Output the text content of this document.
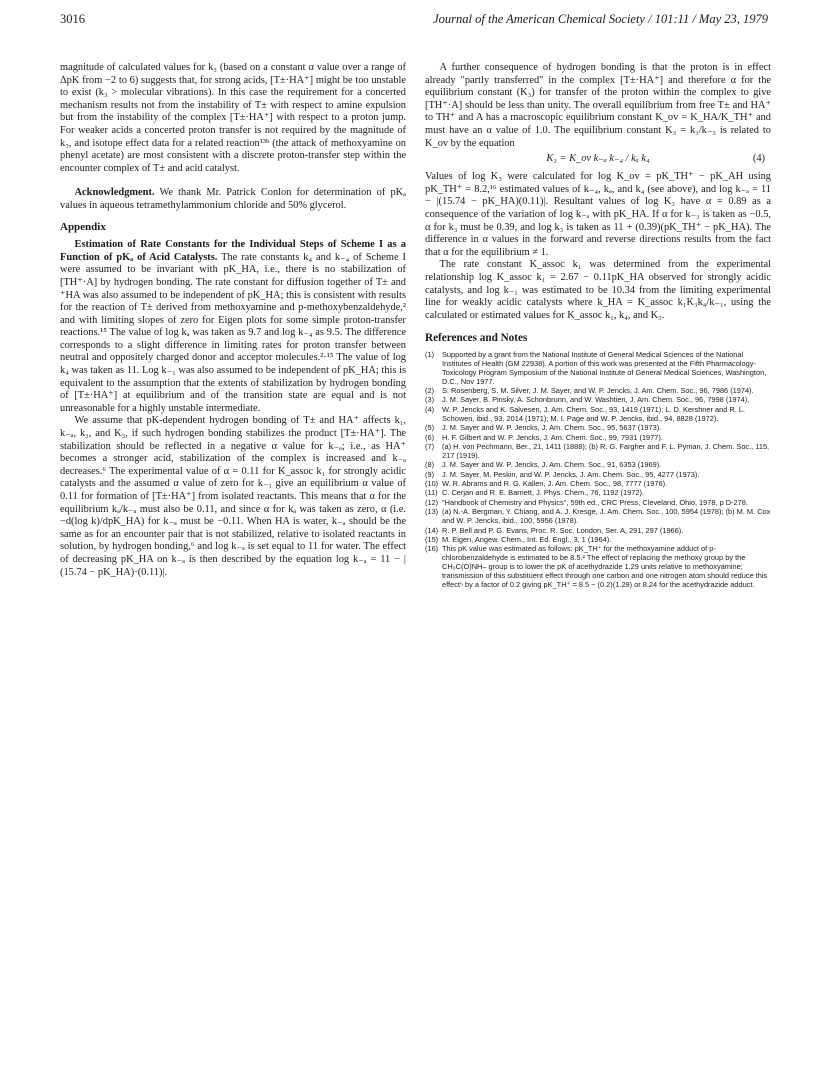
3016	Journal of the American Chemical Society / 101:11 / May 23, 1979

magnitude of calculated values for k₃ (based on a constant α value over a range of ΔpK from −2 to 6) suggests that, for strong acids, [T±·HA⁺] might be too unstable to exist (k₃ > molecular vibrations). In this case the requirement for a concerted mechanism results not from the instability of T± with respect to amine expulsion but from the instability of the complex [T±·HA⁺] with respect to a proton jump. For weaker acids a concerted proton transfer is not required by the magnitude of k₃, and isotope effect data for a related reaction¹³ᵇ (the attack of methoxyamine on phenyl acetate) are most consistent with a discrete proton-transfer step within the encounter complex of T± and acid catalyst.

Acknowledgment. We thank Mr. Patrick Conlon for determination of pKₐ values in aqueous tetramethylammonium chloride and 50% glycerol.

Appendix

Estimation of Rate Constants for the Individual Steps of Scheme I as a Function of pKₐ of Acid Catalysts. The rate constants k₄ and k₋₄ of Scheme I were assumed to be invariant with pK_HA, i.e., there is no stabilization of [TH⁺·A] by hydrogen bonding. The rate constant for diffusion together of T± and ⁺HA was also assumed to be independent of pK_HA; this is consistent with results for the reaction of T± derived from methoxyamine and p-methoxybenzaldehyde,² and with limiting slopes of zero for Eigen plots for some simple proton-transfer reactions.¹⁵ The value of log kₐ was taken as 9.7 and log k₋₄ as 9.5. The difference corresponds to a slight difference in limiting rates for proton transfer between neutral and oppositely charged donor and acceptor molecules.²·¹⁵ The value of log k₄ was taken as 11. Log k₋₁ was also assumed to be independent of pK_HA; this is equivalent to the assumption that the extents of stabilization by hydrogen bonding of [T±·HA⁺] at equilibrium and of the transition state are equal and is not unreasonable for a highly unstable intermediate.

We assume that pK-dependent hydrogen bonding of T± and HA⁺ affects k₁, k₋ₐ, k₃, and K₃, if such hydrogen bonding stabilizes the product [T±·HA⁺]. The stabilization should be reflected in a negative α value for k₋ₐ; i.e., as HA⁺ becomes a stronger acid, stabilization of the complex is increased and k₋ₐ decreases.⁶ The experimental value of α = 0.11 for K_assoc k₁ for strongly acidic catalysts and the assumed α value of zero for k₋₁ give an equilibrium α value of 0.11 for formation of [T±·HA⁺] from isolated reactants. This means that α for the equilibrium kₐ/k₋ₐ must also be 0.11, and since α for kₐ was taken as zero, α (i.e. −d(log k)/dpK_HA) for k₋ₐ must be −0.11. When HA is water, k₋ₐ should be the same as for an encounter pair that is not stabilized, relative to isolated reactants in solution, by hydrogen bonding,⁶ and log k₋ₐ is set equal to 11 for water. The effect of decreasing pK_HA on k₋ₐ is then described by the equation log k₋ₐ = 11 − |(15.74 − pK_HA)·(0.11)|.

A further consequence of hydrogen bonding is that the proton is in effect already "partly transferred" in the complex [T±·HA⁺] and therefore α for the equilibrium constant (K₃) for transfer of the proton within the complex to give [TH⁺·A] should be less than unity. The overall equilibrium from free T± and HA⁺ to TH⁺ and A has a macroscopic equilibrium constant K_ov = K_HA/K_TH⁺ and must have an α value of 1.0. The equilibrium constant K₃ = k₃/k₋₃ is related to K_ov by the equation

K₃ = K_ov k₋ₐ k₋₄ / kₐ k₄	(4)

Values of log K₃ were calculated for log K_ov = pK_TH⁺ − pK_AH using pK_TH⁺ = 8.2,¹⁶ estimated values of k₋₄, kₐ, and k₄ (see above), and log k₋ₐ = 11 − |(15.74 − pK_HA)(0.11)|. Resultant values of log K₃ have α = 0.89 as a consequence of the variation of log k₋ₐ with pK_HA. If α for k₋₃ is taken as −0.5, α for k₃ must be 0.39, and log k₃ is taken as 11 + (0.39)(pK_TH⁺ − pK_HA). The difference in α values in the forward and reverse directions results from the fact that α for the equilibrium ≠ 1.

The rate constant K_assoc k₁ was determined from the experimental relationship log K_assoc k₁ = 2.67 − 0.11pK_HA observed for strongly acidic catalysts, and log k₋₁ was estimated to be 10.34 from the limiting experimental line for weakly acidic catalysts where k_HA = K_assoc k₁K₃k₄/k₋₁, using the calculated or estimated values for K_assoc k₁, k₄, and K₃.

References and Notes
(1)	Supported by a grant from the National Institute of General Medical Sciences of the National Institutes of Health (GM 22938). A portion of this work was presented at the Fifth Pharmacology-Toxicology Program Symposium of the National Institute of General Medical Sciences, Washington, D.C., Nov 1977.
(2)	S. Rosenberg, S. M. Silver, J. M. Sayer, and W. P. Jencks, J. Am. Chem. Soc., 96, 7986 (1974).
(3)	J. M. Sayer, B. Pinsky, A. Schonbrunn, and W. Washtien, J. Am. Chem. Soc., 96, 7998 (1974).
(4)	W. P. Jencks and K. Salvesen, J. Am. Chem. Soc., 93, 1419 (1971); L. D. Kershner and R. L. Schowen, ibid., 93, 2014 (1971); M. I. Page and W. P. Jencks, ibid., 94, 8828 (1972).
(5)	J. M. Sayer and W. P. Jencks, J. Am. Chem. Soc., 95, 5637 (1973).
(6)	H. F. Gilbert and W. P. Jencks, J. Am. Chem. Soc., 99, 7931 (1977).
(7)	(a) H. von Pechmann, Ber., 21, 1411 (1888); (b) R. G. Fargher and F. L. Pyman, J. Chem. Soc., 115, 217 (1919).
(8)	J. M. Sayer and W. P. Jencks, J. Am. Chem. Soc., 91, 6353 (1969).
(9)	J. M. Sayer, M. Peskin, and W. P. Jencks, J. Am. Chem. Soc., 95, 4277 (1973).
(10) W. R. Abrams and R. G. Kallen, J. Am. Chem. Soc., 98, 7777 (1976).
(11) C. Cerjan and R. E. Barnett, J. Phys. Chem., 76, 1192 (1972).
(12) "Handbook of Chemistry and Physics", 59th ed., CRC Press, Cleveland, Ohio, 1978, p D-278.
(13) (a) N.-A. Bergman, Y. Chiang, and A. J. Kresge, J. Am. Chem. Soc., 100, 5954 (1978); (b) M. M. Cox and W. P. Jencks, ibid., 100, 5956 (1978).
(14) R. P. Bell and P. G. Evans, Proc. R. Soc. London, Ser. A, 291, 297 (1966).
(15) M. Eigen, Angew. Chem., Int. Ed. Engl., 3, 1 (1964).
(16) This pK value was estimated as follows: pK_TH⁺ for the methoxyamine adduct of p-chlorobenzaldehyde is estimated to be 8.5.² The effect of replacing the methoxy group by the CH₃C(O)NH– group is to lower the pK of acethydrazide 1.29 units relative to methoxyamine; transmission of this substituent effect through one carbon and one nitrogen atom should reduce this effect⁵ by a factor of 0.2 giving pK_TH⁺ = 8.5 − (0.2)(1.29) or 8.24 for the acethydrazide adduct.
